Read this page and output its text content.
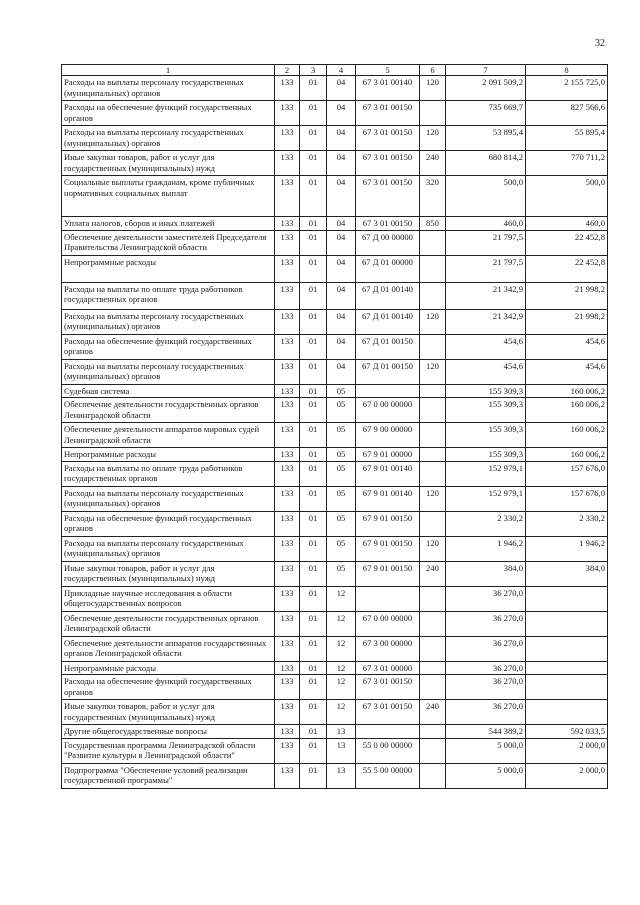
32
1	2	3	4	5	6	7	8
Расходы на выплаты персоналу государственных (муниципальных) органов	133	01	04	67 3 01 00140	120	2 091 509,2	2 155 725,0
Расходы на обеспечение функций государственных органов	133	01	04	67 3 01 00150		735 669,7	827 566,6
Расходы на выплаты персоналу государственных (муниципальных) органов	133	01	04	67 3 01 00150	120	53 895,4	55 895,4
Иные закупки товаров, работ и услуг для государственных (муниципальных) нужд	133	01	04	67 3 01 00150	240	680 814,2	770 711,2
Социальные выплаты гражданам, кроме публичных нормативных социальных выплат	133	01	04	67 3 01 00150	320	500,0	500,0
Уплата налогов, сборов и иных платежей	133	01	04	67 3 01 00150	850	460,0	460,0
Обеспечение деятельности заместителей Председателя Правительства Ленинградской области	133	01	04	67 Д 00 00000		21 797,5	22 452,8
Непрограммные расходы	133	01	04	67 Д 01 00000		21 797,5	22 452,8
Расходы на выплаты по оплате труда работников государственных органов	133	01	04	67 Д 01 00140		21 342,9	21 998,2
Расходы на выплаты персоналу государственных (муниципальных) органов	133	01	04	67 Д 01 00140	120	21 342,9	21 998,2
Расходы на обеспечение функций государственных органов	133	01	04	67 Д 01 00150		454,6	454,6
Расходы на выплаты персоналу государственных (муниципальных) органов	133	01	04	67 Д 01 00150	120	454,6	454,6
Судебная система	133	01	05			155 309,3	160 006,2
Обеспечение деятельности государственных органов Ленинградской области	133	01	05	67 0 00 00000		155 309,3	160 006,2
Обеспечение деятельности аппаратов мировых судей Ленинградской области	133	01	05	67 9 00 00000		155 309,3	160 006,2
Непрограммные расходы	133	01	05	67 9 01 00000		155 309,3	160 006,2
Расходы на выплаты по оплате труда работников государственных органов	133	01	05	67 9 01 00140		152 979,1	157 676,0
Расходы на выплаты персоналу государственных (муниципальных) органов	133	01	05	67 9 01 00140	120	152 979,1	157 676,0
Расходы на обеспечение функций государственных органов	133	01	05	67 9 01 00150		2 330,2	2 330,2
Расходы на выплаты персоналу государственных (муниципальных) органов	133	01	05	67 9 01 00150	120	1 946,2	1 946,2
Иные закупки товаров, работ и услуг для государственных (муниципальных) нужд	133	01	05	67 9 01 00150	240	384,0	384,0
Прикладные научные исследования в области общегосударственных вопросов	133	01	12			36 270,0	
Обеспечение деятельности государственных органов Ленинградской области	133	01	12	67 0 00 00000		36 270,0	
Обеспечение деятельности аппаратов государственных органов Ленинградской области	133	01	12	67 3 00 00000		36 270,0	
Непрограммные расходы	133	01	12	67 3 01 00000		36 270,0	
Расходы на обеспечение функций государственных органов	133	01	12	67 3 01 00150		36 270,0	
Иные закупки товаров, работ и услуг для государственных (муниципальных) нужд	133	01	12	67 3 01 00150	240	36 270,0	
Другие общегосударственные вопросы	133	01	13			544 389,2	592 033,5
Государственная программа Ленинградской области "Развитие культуры в Ленинградской области"	133	01	13	55 0 00 00000		5 000,0	2 000,0
Подпрограмма "Обеспечение условий реализации государственной программы"	133	01	13	55 5 00 00000		5 000,0	2 000,0
